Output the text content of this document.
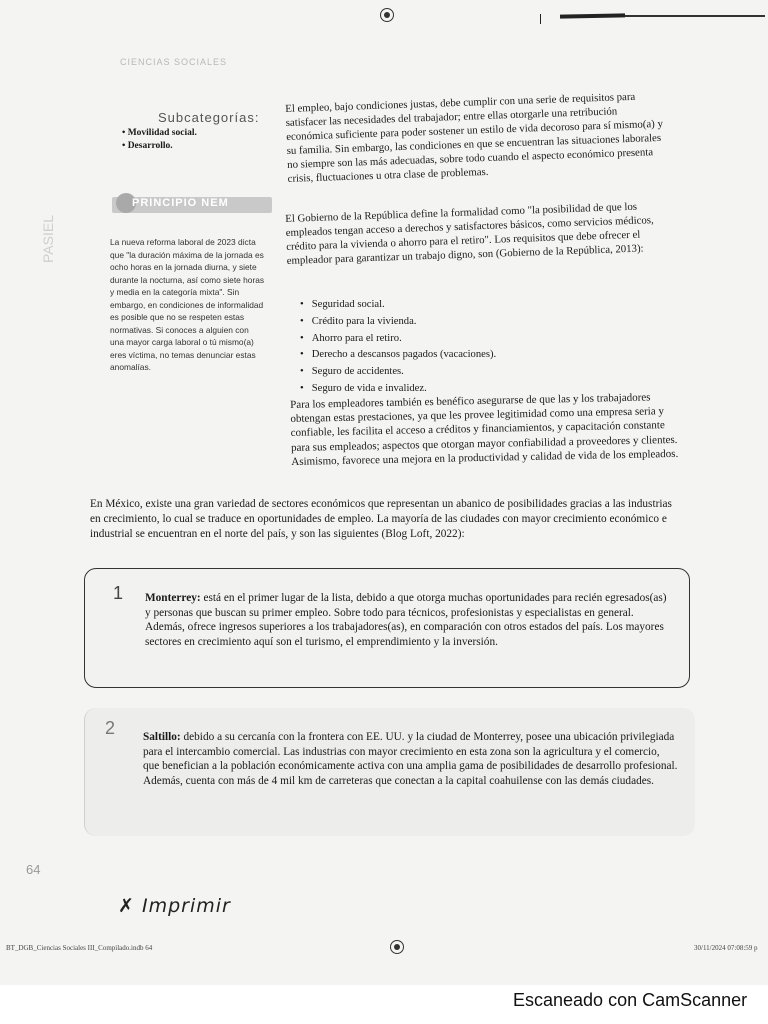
CIENCIAS SOCIALES
PASIEL
Subcategorías:
• Movilidad social.
• Desarrollo.
PRINCIPIO NEM
La nueva reforma laboral de 2023 dicta que "la duración máxima de la jornada es ocho horas en la jornada diurna, y siete durante la nocturna, así como siete horas y media en la categoría mixta". Sin embargo, en condiciones de informalidad es posible que no se respeten estas normativas. Si conoces a alguien con una mayor carga laboral o tú mismo(a) eres víctima, no temas denunciar estas anomalías.
El empleo, bajo condiciones justas, debe cumplir con una serie de requisitos para satisfacer las necesidades del trabajador; entre ellas otorgarle una retribución económica suficiente para poder sostener un estilo de vida decoroso para sí mismo(a) y su familia. Sin embargo, las condiciones en que se encuentran las situaciones laborales no siempre son las más adecuadas, sobre todo cuando el aspecto económico presenta crisis, fluctuaciones u otra clase de problemas.
El Gobierno de la República define la formalidad como "la posibilidad de que los empleados tengan acceso a derechos y satisfactores básicos, como servicios médicos, crédito para la vivienda o ahorro para el retiro". Los requisitos que debe ofrecer el empleador para garantizar un trabajo digno, son (Gobierno de la República, 2013):
• Seguridad social.
• Crédito para la vivienda.
• Ahorro para el retiro.
• Derecho a descansos pagados (vacaciones).
• Seguro de accidentes.
• Seguro de vida e invalidez.
Para los empleadores también es benéfico asegurarse de que las y los trabajadores obtengan estas prestaciones, ya que les provee legitimidad como una empresa seria y confiable, les facilita el acceso a créditos y financiamientos, y capacitación constante para sus empleados; aspectos que otorgan mayor confiabilidad a proveedores y clientes. Asimismo, favorece una mejora en la productividad y calidad de vida de los empleados.
En México, existe una gran variedad de sectores económicos que representan un abanico de posibilidades gracias a las industrias en crecimiento, lo cual se traduce en oportunidades de empleo. La mayoría de las ciudades con mayor crecimiento económico e industrial se encuentran en el norte del país, y son las siguientes (Blog Loft, 2022):
1 Monterrey: está en el primer lugar de la lista, debido a que otorga muchas oportunidades para recién egresados(as) y personas que buscan su primer empleo. Sobre todo para técnicos, profesionistas y especialistas en general. Además, ofrece ingresos superiores a los trabajadores(as), en comparación con otros estados del país. Los mayores sectores en crecimiento aquí son el turismo, el emprendimiento y la inversión.
2 Saltillo: debido a su cercanía con la frontera con EE. UU. y la ciudad de Monterrey, posee una ubicación privilegiada para el intercambio comercial. Las industrias con mayor crecimiento en esta zona son la agricultura y el comercio, que benefician a la población económicamente activa con una amplia gama de posibilidades de desarrollo profesional. Además, cuenta con más de 4 mil km de carreteras que conectan a la capital coahuilense con las demás ciudades.
64
✗ Imprimir
BT_DGB_Ciencias Sociales III_Compilado.indb 64	30/11/2024 07:08:59 p
Escaneado con CamScanner
